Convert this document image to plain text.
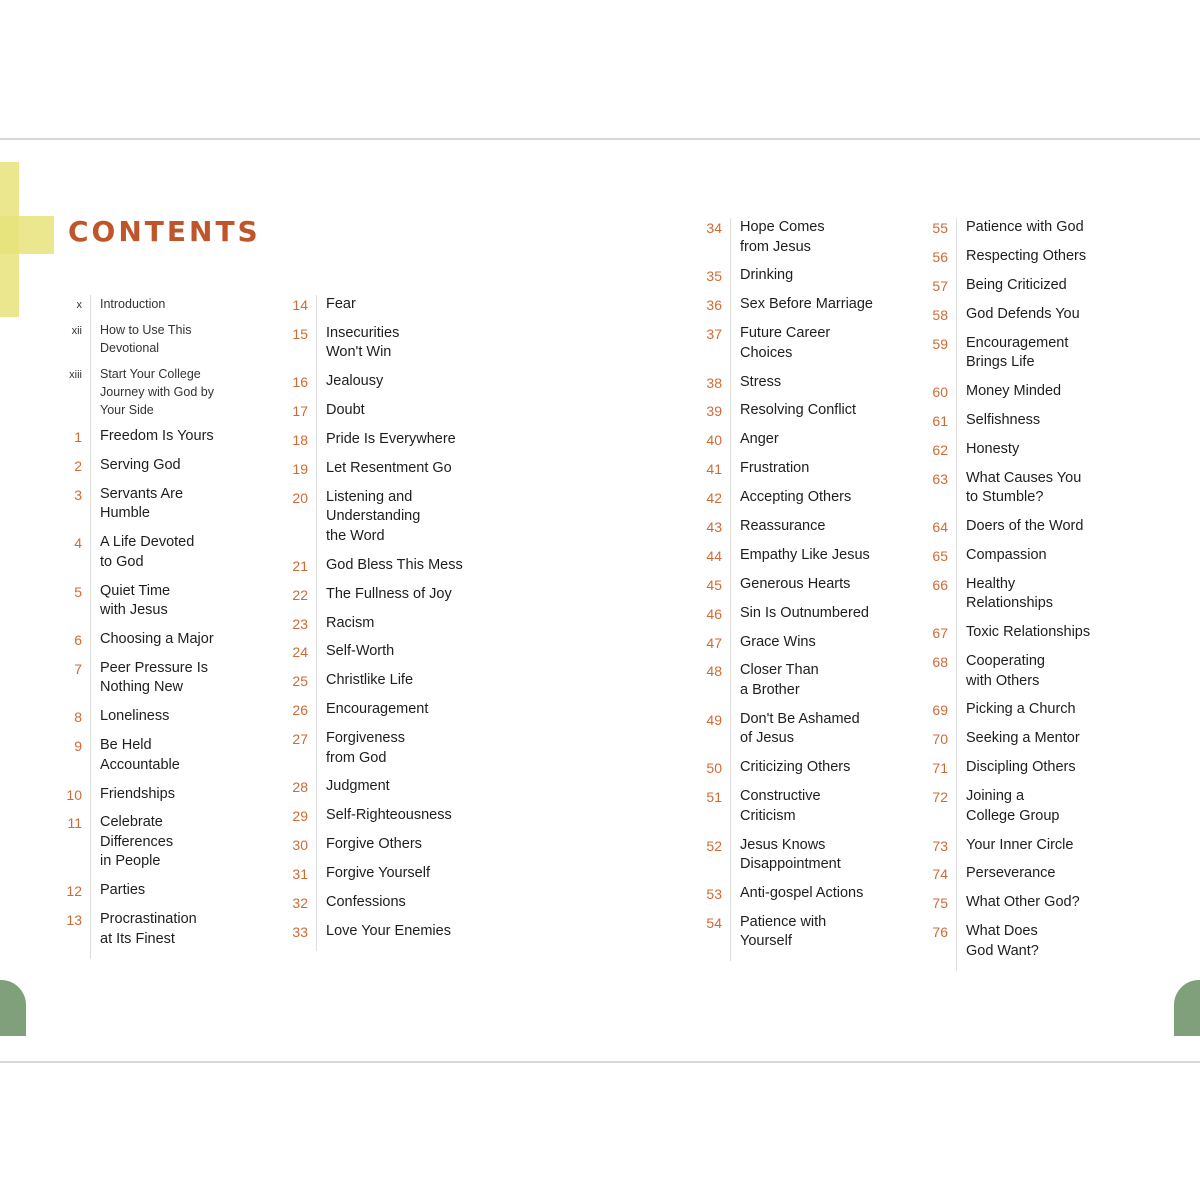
CONTENTS
x	Introduction
xii	How to Use This
Devotional
xiii	Start Your College
Journey with God by
Your Side
1	Freedom Is Yours
2	Serving God
3	Servants Are
Humble
4	A Life Devoted
to God
5	Quiet Time
with Jesus
6	Choosing a Major
7	Peer Pressure Is
Nothing New
8	Loneliness
9	Be Held
Accountable
10	Friendships
11	Celebrate
Differences
in People
12	Parties
13	Procrastination
at Its Finest
14	Fear
15	Insecurities
Won't Win
16	Jealousy
17	Doubt
18	Pride Is Everywhere
19	Let Resentment Go
20	Listening and
Understanding
the Word
21	God Bless This Mess
22	The Fullness of Joy
23	Racism
24	Self-Worth
25	Christlike Life
26	Encouragement
27	Forgiveness
from God
28	Judgment
29	Self-Righteousness
30	Forgive Others
31	Forgive Yourself
32	Confessions
33	Love Your Enemies
34	Hope Comes
from Jesus
35	Drinking
36	Sex Before Marriage
37	Future Career
Choices
38	Stress
39	Resolving Conflict
40	Anger
41	Frustration
42	Accepting Others
43	Reassurance
44	Empathy Like Jesus
45	Generous Hearts
46	Sin Is Outnumbered
47	Grace Wins
48	Closer Than
a Brother
49	Don't Be Ashamed
of Jesus
50	Criticizing Others
51	Constructive
Criticism
52	Jesus Knows
Disappointment
53	Anti-gospel Actions
54	Patience with
Yourself
55	Patience with God
56	Respecting Others
57	Being Criticized
58	God Defends You
59	Encouragement
Brings Life
60	Money Minded
61	Selfishness
62	Honesty
63	What Causes You
to Stumble?
64	Doers of the Word
65	Compassion
66	Healthy
Relationships
67	Toxic Relationships
68	Cooperating
with Others
69	Picking a Church
70	Seeking a Mentor
71	Discipling Others
72	Joining a
College Group
73	Your Inner Circle
74	Perseverance
75	What Other God?
76	What Does
God Want?
